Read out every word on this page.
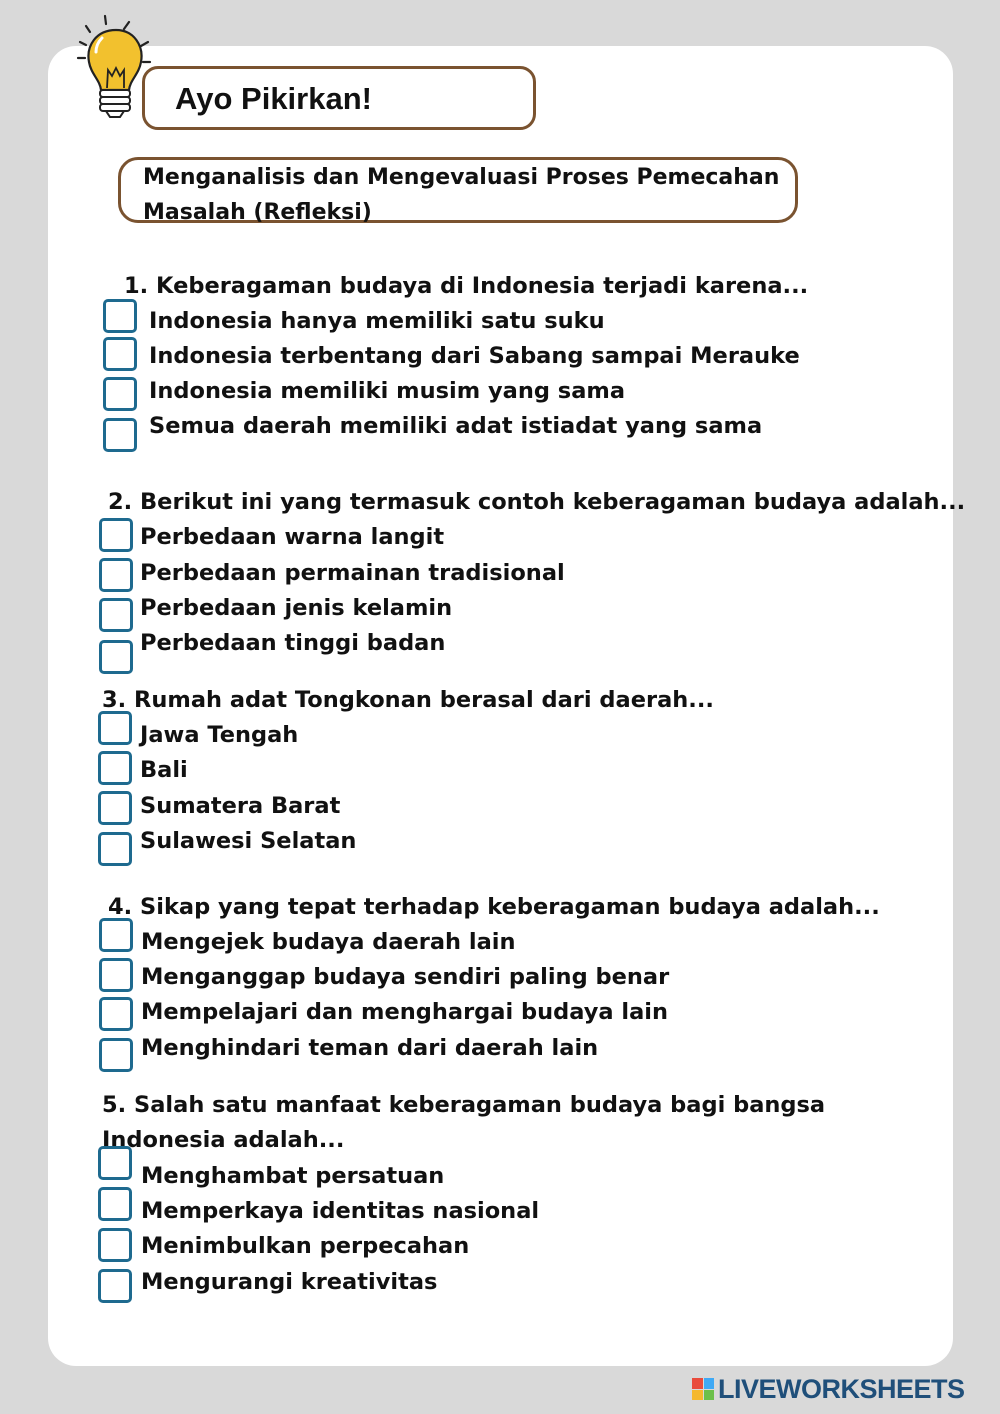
Ayo Pikirkan!
Menganalisis dan Mengevaluasi Proses Pemecahan Masalah (Refleksi)
1. Keberagaman budaya di Indonesia terjadi karena...
Indonesia hanya memiliki satu suku
Indonesia terbentang dari Sabang sampai Merauke
Indonesia memiliki musim yang sama
Semua daerah memiliki adat istiadat yang sama
2. Berikut ini yang termasuk contoh keberagaman budaya adalah...
Perbedaan warna langit
Perbedaan permainan tradisional
Perbedaan jenis kelamin
Perbedaan tinggi badan
3. Rumah adat Tongkonan berasal dari daerah...
Jawa Tengah
Bali
Sumatera Barat
Sulawesi Selatan
4. Sikap yang tepat terhadap keberagaman budaya adalah...
Mengejek budaya daerah lain
Menganggap budaya sendiri paling benar
Mempelajari dan menghargai budaya lain
Menghindari teman dari daerah lain
5. Salah satu manfaat keberagaman budaya bagi bangsa Indonesia adalah...
Menghambat persatuan
Memperkaya identitas nasional
Menimbulkan perpecahan
Mengurangi kreativitas
LIVEWORKSHEETS
